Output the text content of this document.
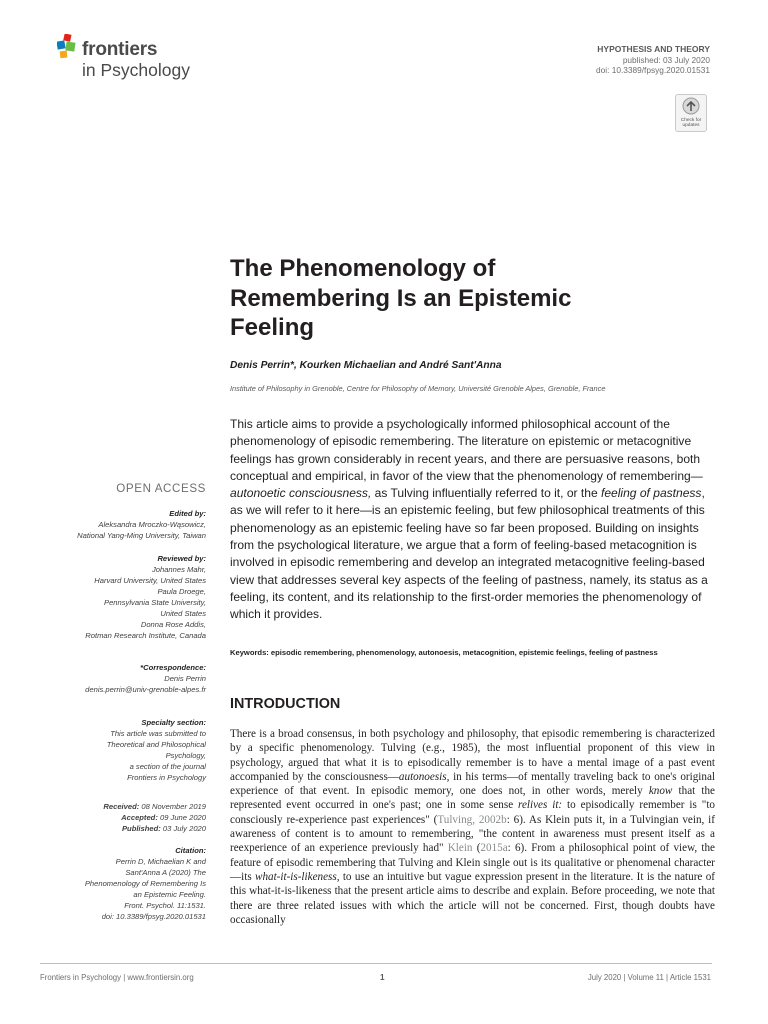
frontiers
in Psychology
HYPOTHESIS AND THEORY
published: 03 July 2020
doi: 10.3389/fpsyg.2020.01531
Check for
updates
The Phenomenology of
Remembering Is an Epistemic
Feeling
Denis Perrin*, Kourken Michaelian and André Sant'Anna
Institute of Philosophy in Grenoble, Centre for Philosophy of Memory, Université Grenoble Alpes, Grenoble, France
This article aims to provide a psychologically informed philosophical account of the phenomenology of episodic remembering. The literature on epistemic or metacognitive feelings has grown considerably in recent years, and there are persuasive reasons, both conceptual and empirical, in favor of the view that the phenomenology of remembering—autonoetic consciousness, as Tulving influentially referred to it, or the feeling of pastness, as we will refer to it here—is an epistemic feeling, but few philosophical treatments of this phenomenology as an epistemic feeling have so far been proposed. Building on insights from the psychological literature, we argue that a form of feeling-based metacognition is involved in episodic remembering and develop an integrated metacognitive feeling-based view that addresses several key aspects of the feeling of pastness, namely, its status as a feeling, its content, and its relationship to the first-order memories the phenomenology of which it provides.
Keywords: episodic remembering, phenomenology, autonoesis, metacognition, epistemic feelings, feeling of pastness
INTRODUCTION
There is a broad consensus, in both psychology and philosophy, that episodic remembering is characterized by a specific phenomenology. Tulving (e.g., 1985), the most influential proponent of this view in psychology, argued that what it is to episodically remember is to have a mental image of a past event accompanied by the consciousness—autonoesis, in his terms—of mentally traveling back to one's original experience of that event. In episodic memory, one does not, in other words, merely know that the represented event occurred in one's past; one in some sense relives it: to episodically remember is "to consciously re-experience past experiences" (Tulving, 2002b: 6). As Klein puts it, in a Tulvingian vein, if awareness of content is to amount to remembering, "the content in awareness must present itself as a reexperience of an experience previously had" Klein (2015a: 6). From a philosophical point of view, the feature of episodic remembering that Tulving and Klein single out is its qualitative or phenomenal character—its what-it-is-likeness, to use an intuitive but vague expression present in the literature. It is the nature of this what-it-is-likeness that the present article aims to describe and explain. Before proceeding, we note that there are three related issues with which the article will not be concerned. First, though doubts have occasionally
OPEN ACCESS
Edited by:
Aleksandra Mroczko-Wąsowicz,
National Yang-Ming University, Taiwan
Reviewed by:
Johannes Mahr,
Harvard University, United States
Paula Droege,
Pennsylvania State University,
United States
Donna Rose Addis,
Rotman Research Institute, Canada
*Correspondence:
Denis Perrin
denis.perrin@univ-grenoble-alpes.fr
Specialty section:
This article was submitted to
Theoretical and Philosophical
Psychology,
a section of the journal
Frontiers in Psychology
Received: 08 November 2019
Accepted: 09 June 2020
Published: 03 July 2020
Citation:
Perrin D, Michaelian K and
Sant'Anna A (2020) The
Phenomenology of Remembering Is
an Epistemic Feeling.
Front. Psychol. 11:1531.
doi: 10.3389/fpsyg.2020.01531
Frontiers in Psychology | www.frontiersin.org	1	July 2020 | Volume 11 | Article 1531
